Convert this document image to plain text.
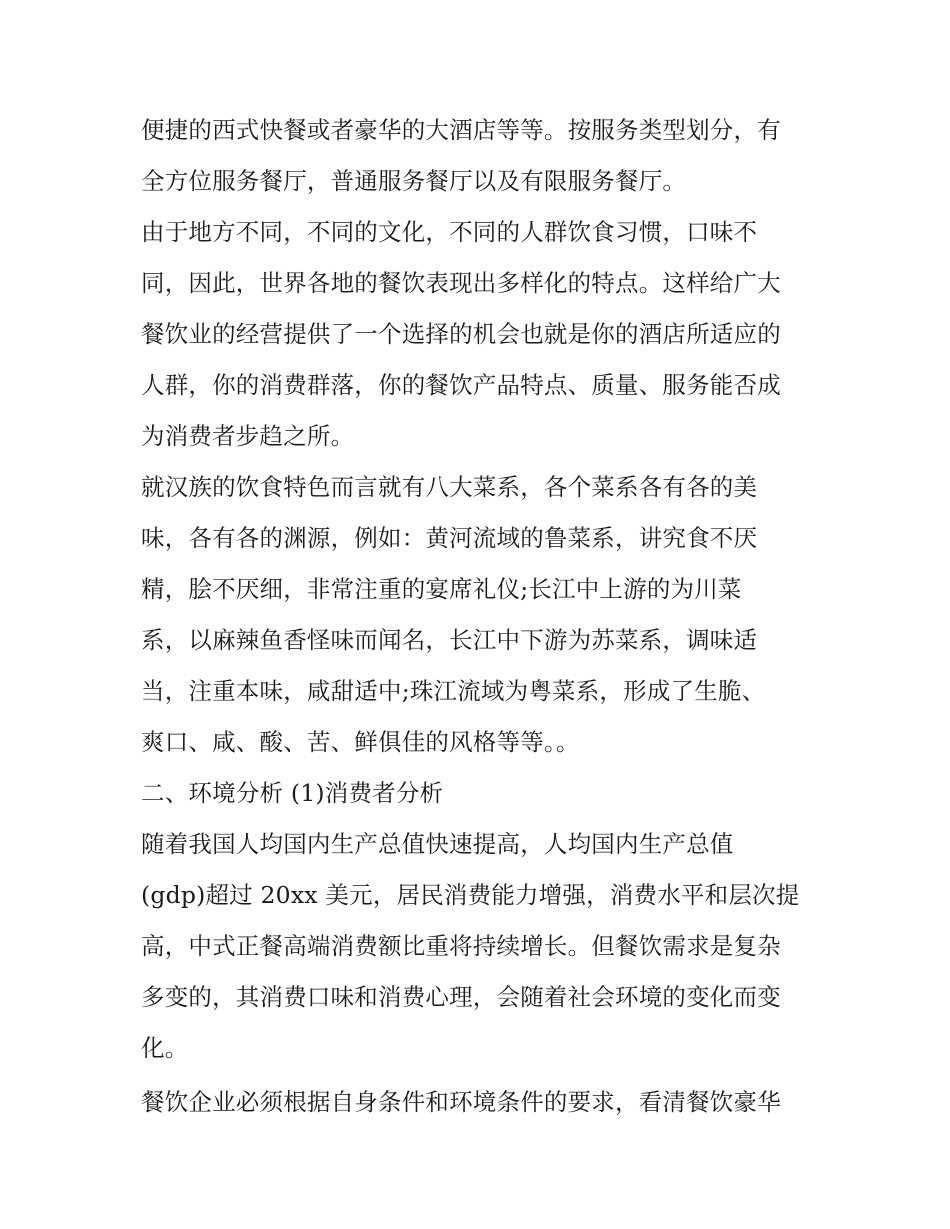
便捷的西式快餐或者豪华的大酒店等等。按服务类型划分，有
全方位服务餐厅，普通服务餐厅以及有限服务餐厅。
由于地方不同，不同的文化，不同的人群饮食习惯，口味不
同，因此，世界各地的餐饮表现出多样化的特点。这样给广大
餐饮业的经营提供了一个选择的机会也就是你的酒店所适应的
人群，你的消费群落，你的餐饮产品特点、质量、服务能否成
为消费者步趋之所。
就汉族的饮食特色而言就有八大菜系，各个菜系各有各的美
味，各有各的渊源，例如：黄河流域的鲁菜系，讲究食不厌
精，脍不厌细，非常注重的宴席礼仪;长江中上游的为川菜
系，以麻辣鱼香怪味而闻名，长江中下游为苏菜系，调味适
当，注重本味，咸甜适中;珠江流域为粤菜系，形成了生脆、
爽口、咸、酸、苦、鲜俱佳的风格等等。。
二、环境分析 (1)消费者分析
随着我国人均国内生产总值快速提高，人均国内生产总值
(gdp)超过 20xx 美元，居民消费能力增强，消费水平和层次提
高，中式正餐高端消费额比重将持续增长。但餐饮需求是复杂
多变的，其消费口味和消费心理，会随着社会环境的变化而变
化。
餐饮企业必须根据自身条件和环境条件的要求，看清餐饮豪华
